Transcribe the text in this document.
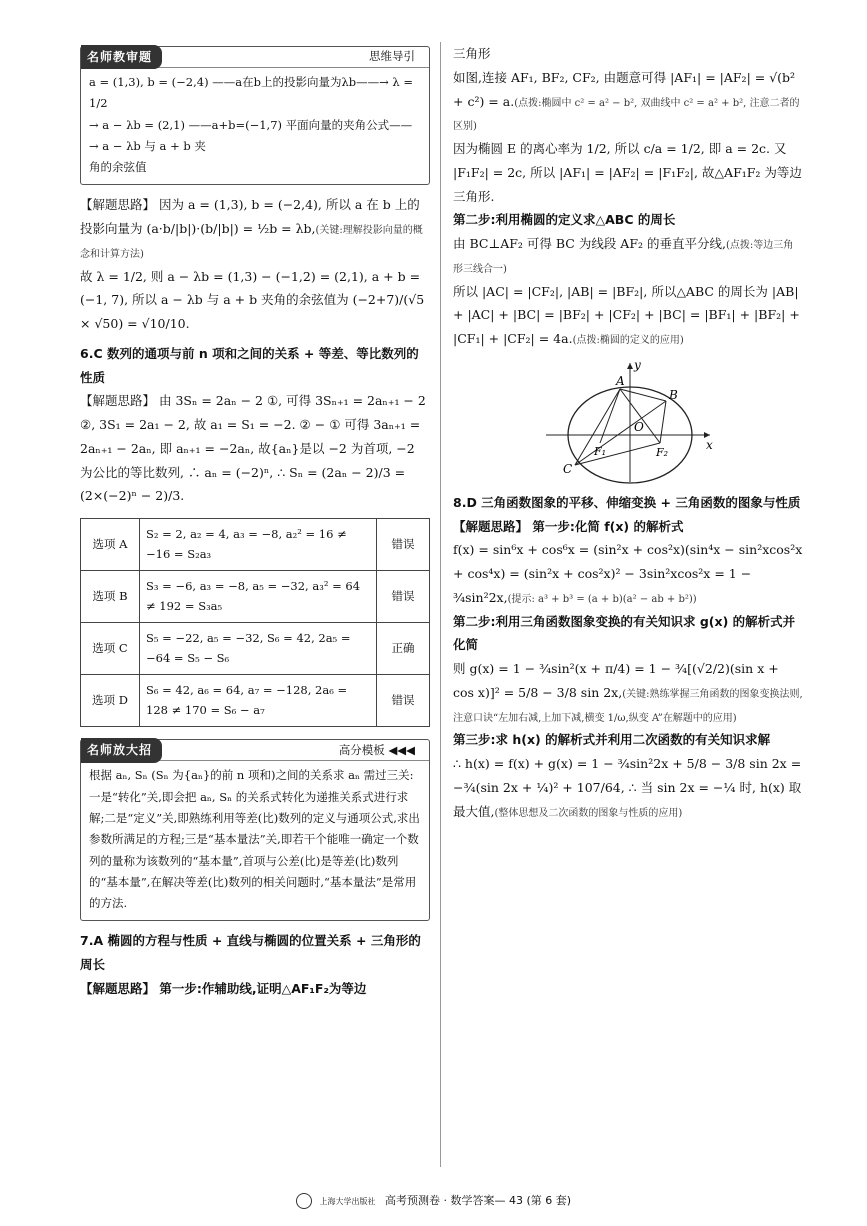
名师教审题	思维导引

a = (1,3), b = (−2,4) ——a在b上的投影向量为λb——→ λ = 1/2

→ a − λb = (2,1) ——a+b=(−1,7) 平面向量的夹角公式——→ a − λb 与 a + b 夹

角的余弦值

【解题思路】 因为 a = (1,3), b = (−2,4), 所以 a 在 b 上的投影向量为 (a·b/|b|)·(b/|b|) = ½b = λb,(关键:理解投影向量的概念和计算方法)

故 λ = 1/2, 则 a − λb = (1,3) − (−1,2) = (2,1), a + b = (−1, 7), 所以 a − λb 与 a + b 夹角的余弦值为 (−2+7)/(√5 × √50) = √10/10.

6.C 数列的通项与前 n 项和之间的关系 + 等差、等比数列的性质

【解题思路】 由 3Sₙ = 2aₙ − 2 ①, 可得 3Sₙ₊₁ = 2aₙ₊₁ − 2 ②, 3S₁ = 2a₁ − 2, 故 a₁ = S₁ = −2. ② − ① 可得 3aₙ₊₁ = 2aₙ₊₁ − 2aₙ, 即 aₙ₊₁ = −2aₙ, 故{aₙ}是以 −2 为首项, −2 为公比的等比数列, ∴ aₙ = (−2)ⁿ, ∴ Sₙ = (2aₙ − 2)/3 = (2×(−2)ⁿ − 2)/3.

选项 A	S₂ = 2, a₂ = 4, a₃ = −8, a₂² = 16 ≠ −16 = S₂a₃	错误
选项 B	S₃ = −6, a₃ = −8, a₅ = −32, a₃² = 64 ≠ 192 = S₃a₅	错误
选项 C	S₅ = −22, a₅ = −32, S₆ = 42, 2a₅ = −64 = S₅ − S₆	正确
选项 D	S₆ = 42, a₆ = 64, a₇ = −128, 2a₆ = 128 ≠ 170 = S₆ − a₇	错误
名师放大招	高分模板 ◀◀◀

根据 aₙ, Sₙ (Sₙ 为{aₙ}的前 n 项和)之间的关系求 aₙ 需过三关:一是“转化”关,即会把 aₙ, Sₙ 的关系式转化为递推关系式进行求解;二是“定义”关,即熟练利用等差(比)数列的定义与通项公式,求出参数所满足的方程;三是“基本量法”关,即若干个能唯一确定一个数列的量称为该数列的“基本量”,首项与公差(比)是等差(比)数列的“基本量”,在解决等差(比)数列的相关问题时,“基本量法”是常用的方法.

7.A 椭圆的方程与性质 + 直线与椭圆的位置关系 + 三角形的周长

【解题思路】 第一步:作辅助线,证明△AF₁F₂为等边

三角形

如图,连接 AF₁, BF₂, CF₂, 由题意可得 |AF₁| = |AF₂| = √(b² + c²) = a.(点拨:椭圆中 c² = a² − b², 双曲线中 c² = a² + b², 注意二者的区别)

因为椭圆 E 的离心率为 1/2, 所以 c/a = 1/2, 即 a = 2c. 又 |F₁F₂| = 2c, 所以 |AF₁| = |AF₂| = |F₁F₂|, 故△AF₁F₂ 为等边三角形.

第二步:利用椭圆的定义求△ABC 的周长

由 BC⊥AF₂ 可得 BC 为线段 AF₂ 的垂直平分线,(点拨:等边三角形三线合一)

所以 |AC| = |CF₂|, |AB| = |BF₂|, 所以△ABC 的周长为 |AB| + |AC| + |BC| = |BF₂| + |CF₂| + |BC| = |BF₁| + |BF₂| + |CF₁| + |CF₂| = 4a.(点拨:椭圆的定义的应用)

y
x
A
B
O
C
F₁	F₂

8.D 三角函数图象的平移、伸缩变换 + 三角函数的图象与性质

【解题思路】 第一步:化简 f(x) 的解析式

f(x) = sin⁶x + cos⁶x = (sin²x + cos²x)(sin⁴x − sin²xcos²x + cos⁴x) = (sin²x + cos²x)² − 3sin²xcos²x = 1 − ¾sin²2x,(提示: a³ + b³ = (a + b)(a² − ab + b²))

第二步:利用三角函数图象变换的有关知识求 g(x) 的解析式并化简

则 g(x) = 1 − ¾sin²(x + π/4) = 1 − ¾[(√2/2)(sin x + cos x)]² = 5/8 − 3/8 sin 2x,(关键:熟练掌握三角函数的图象变换法则,注意口诀“左加右减,上加下减,横变 1/ω,纵变 A”在解题中的应用)

第三步:求 h(x) 的解析式并利用二次函数的有关知识求解

∴ h(x) = f(x) + g(x) = 1 − ¾sin²2x + 5/8 − 3/8 sin 2x = −¾(sin 2x + ¼)² + 107/64, ∴ 当 sin 2x = −¼ 时, h(x) 取最大值,(整体思想及二次函数的图象与性质的应用)

上海大学出版社 高考预测卷 · 数学答案— 43 (第 6 套)
